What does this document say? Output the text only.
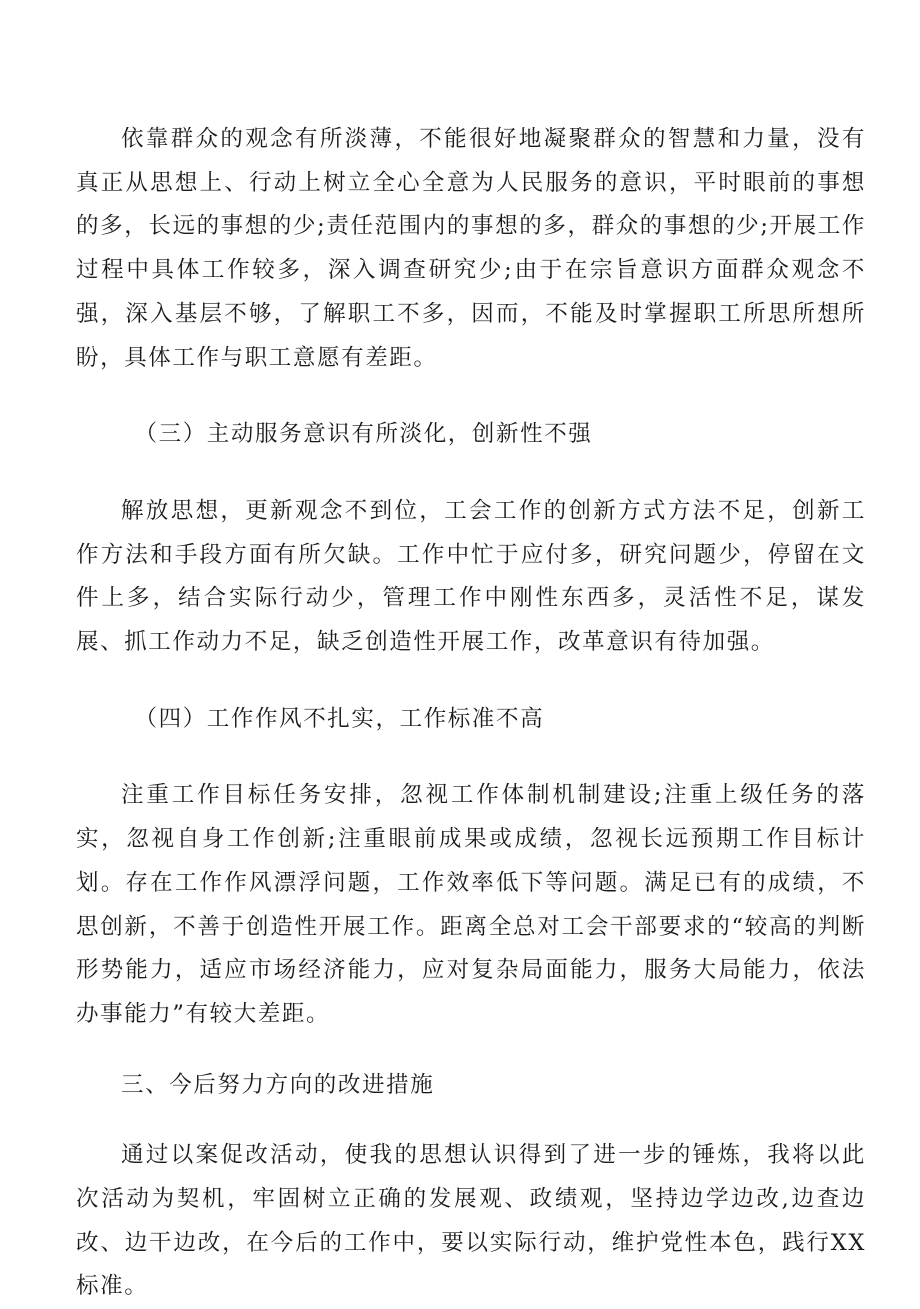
依靠群众的观念有所淡薄，不能很好地凝聚群众的智慧和力量，没有真正从思想上、行动上树立全心全意为人民服务的意识，平时眼前的事想的多，长远的事想的少;责任范围内的事想的多，群众的事想的少;开展工作过程中具体工作较多，深入调查研究少;由于在宗旨意识方面群众观念不强，深入基层不够，了解职工不多，因而，不能及时掌握职工所思所想所盼，具体工作与职工意愿有差距。

（三）主动服务意识有所淡化，创新性不强

解放思想，更新观念不到位，工会工作的创新方式方法不足，创新工作方法和手段方面有所欠缺。工作中忙于应付多，研究问题少，停留在文件上多，结合实际行动少，管理工作中刚性东西多，灵活性不足，谋发展、抓工作动力不足，缺乏创造性开展工作，改革意识有待加强。

（四）工作作风不扎实，工作标准不高

注重工作目标任务安排，忽视工作体制机制建设;注重上级任务的落实，忽视自身工作创新;注重眼前成果或成绩，忽视长远预期工作目标计划。存在工作作风漂浮问题，工作效率低下等问题。满足已有的成绩，不思创新，不善于创造性开展工作。距离全总对工会干部要求的“较高的判断形势能力，适应市场经济能力，应对复杂局面能力，服务大局能力，依法办事能力”有较大差距。

三、今后努力方向的改进措施

通过以案促改活动，使我的思想认识得到了进一步的锤炼，我将以此次活动为契机，牢固树立正确的发展观、政绩观，坚持边学边改,边查边改、边干边改，在今后的工作中，要以实际行动，维护党性本色，践行XX标准。
